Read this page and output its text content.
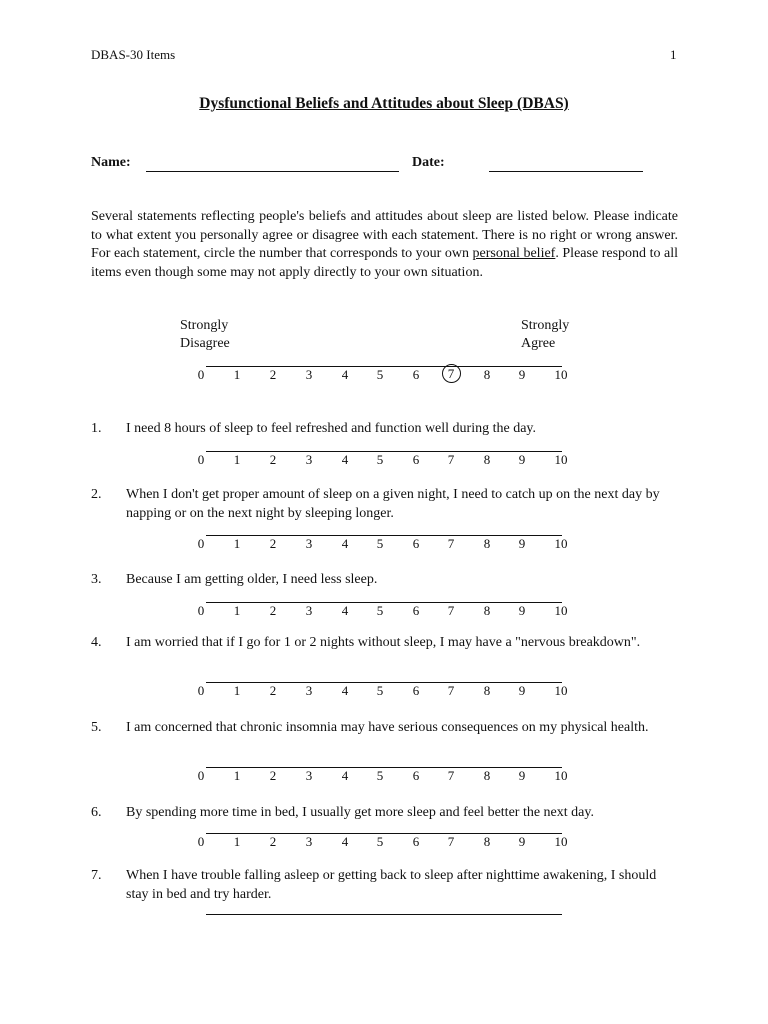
DBAS-30 Items	1
Dysfunctional Beliefs and Attitudes about Sleep (DBAS)
Name:	Date:

Several statements reflecting people's beliefs and attitudes about sleep are listed below. Please indicate to what extent you personally agree or disagree with each statement. There is no right or wrong answer. For each statement, circle the number that corresponds to your own personal belief. Please respond to all items even though some may not apply directly to your own situation.

Strongly
Disagree
Strongly
Agree
0	1	2	3	4	5	6	7	8	9	10
1. I need 8 hours of sleep to feel refreshed and function well during the day.
0	1	2	3	4	5	6	7	8	9	10
2. When I don't get proper amount of sleep on a given night, I need to catch up on the next day by napping or on the next night by sleeping longer.
0	1	2	3	4	5	6	7	8	9	10
3. Because I am getting older, I need less sleep.
0	1	2	3	4	5	6	7	8	9	10
4. I am worried that if I go for 1 or 2 nights without sleep, I may have a "nervous breakdown".
0	1	2	3	4	5	6	7	8	9	10
5. I am concerned that chronic insomnia may have serious consequences on my physical health.
0	1	2	3	4	5	6	7	8	9	10
6. By spending more time in bed, I usually get more sleep and feel better the next day.
0	1	2	3	4	5	6	7	8	9	10
7. When I have trouble falling asleep or getting back to sleep after nighttime awakening, I should stay in bed and try harder.
